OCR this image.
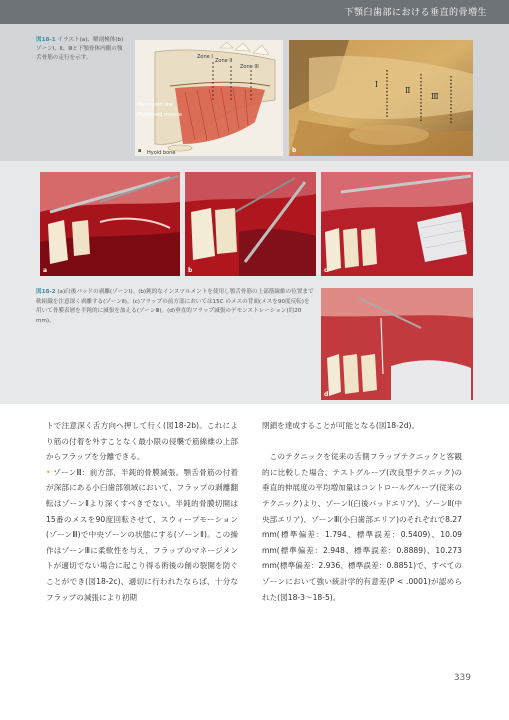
下顎臼歯部における垂直的骨増生
図18-1 イラスト(a)、解剖検体(b)ゾーンⅠ、Ⅱ、Ⅲと下顎骨体内側の顎舌骨筋の走行を示す。	Zone I
Zone II
Zone III
Mylohyoid line
Mylohyoid muscle
Hyoid bone
a
Ⅰ
Ⅱ
Ⅲ
b
a	b	c
図18-2 (a)臼後パッドの剥離(ゾーンⅠ)。(b)鈍的なインスツルメントを使用し顎舌骨筋の上部筋線維の位置まで軟組織を注意深く剥離する(ゾーンⅡ)。(c)フラップの前方部においては15C のメスの背面(メスを90度反転)を用いて骨膜表層を半鈍的に減張を加える(ゾーンⅢ)。(d)垂直的フラップ減張のデモンストレーション(約20 mm)。
d

トで注意深く舌方向へ押して行く(図18-2b)。これにより筋の付着を外すことなく最小限の侵襲で筋線維の上部からフラップを分離できる。

• ゾーンⅢ：前方部、半鈍的骨膜減張。顎舌骨筋の付着が深部にある小臼歯部領域において、フラップの剥離翻転はゾーンⅡより深くすべきでない。半鈍的骨膜切開は15番のメスを90度回転させて、スウィープモーション(ゾーンⅢ)で中央ゾーンの状態にする(ゾーンⅡ)。この操作はゾーンⅢに柔軟性を与え、フラップのマネージメントが適切でない場合に起こり得る術後の創の裂開を防ぐことができ(図18-2c)、適切に行われたならば、十分なフラップの減張により初期

閉鎖を達成することが可能となる(図18-2d)。

このテクニックを従来の舌側フラップテクニックと客観的に比較した場合、テストグループ(改良型テクニック)の垂直的伸展度の平均増加量はコントロールグループ(従来のテクニック)より、ゾーンⅠ(臼後パッドエリア)、ゾーンⅡ(中央部エリア)、ゾーンⅢ(小臼歯部エリア)のそれぞれで8.27 mm(標準偏差：1.794、標準誤差：0.5409)、10.09 mm(標準偏差：2.948、標準誤差：0.8889)、10.273 mm(標準偏差：2.936、標準誤差：0.8851)で、すべてのゾーンにおいて強い統計学的有意差(P < .0001)が認められた(図18-3〜18-5)。

339
